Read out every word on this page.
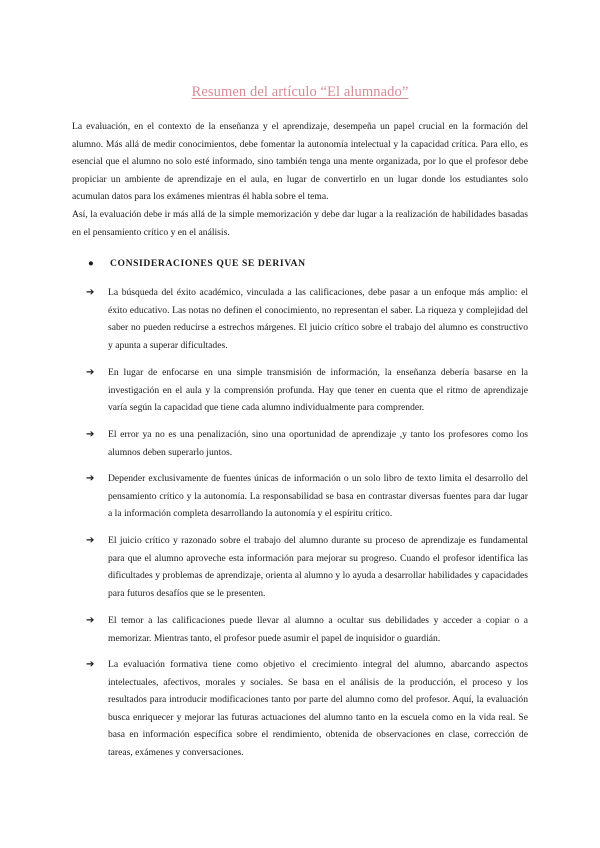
Resumen del artículo “El alumnado”

La evaluación, en el contexto de la enseñanza y el aprendizaje, desempeña un papel crucial en la formación del alumno. Más allá de medir conocimientos, debe fomentar la autonomía intelectual y la capacidad crítica. Para ello, es esencial que el alumno no solo esté informado, sino también tenga una mente organizada, por lo que el profesor debe propiciar un ambiente de aprendizaje en el aula, en lugar de convertirlo en un lugar donde los estudiantes solo acumulan datos para los exámenes mientras él habla sobre el tema.

Así, la evaluación debe ir más allá de la simple memorización y debe dar lugar a la realización de habilidades basadas en el pensamiento crítico y en el análisis.

● CONSIDERACIONES QUE SE DERIVAN
➔	La búsqueda del éxito académico, vinculada a las calificaciones, debe pasar a un enfoque más amplio: el éxito educativo. Las notas no definen el conocimiento, no representan el saber. La riqueza y complejidad del saber no pueden reducirse a estrechos márgenes. El juicio crítico sobre el trabajo del alumno es constructivo y apunta a superar dificultades.
➔	En lugar de enfocarse en una simple transmisión de información, la enseñanza debería basarse en la investigación en el aula y la comprensión profunda. Hay que tener en cuenta que el ritmo de aprendizaje varía según la capacidad que tiene cada alumno individualmente para comprender.
➔	El error ya no es una penalización, sino una oportunidad de aprendizaje ,y tanto los profesores como los alumnos deben superarlo juntos.
➔	Depender exclusivamente de fuentes únicas de información o un solo libro de texto limita el desarrollo del pensamiento crítico y la autonomía. La responsabilidad se basa en contrastar diversas fuentes para dar lugar a la información completa desarrollando la autonomía y el espíritu crítico.
➔	El juicio crítico y razonado sobre el trabajo del alumno durante su proceso de aprendizaje es fundamental para que el alumno aproveche esta información para mejorar su progreso. Cuando el profesor identifica las dificultades y problemas de aprendizaje, orienta al alumno y lo ayuda a desarrollar habilidades y capacidades para futuros desafíos que se le presenten.
➔	El temor a las calificaciones puede llevar al alumno a ocultar sus debilidades y acceder a copiar o a memorizar. Mientras tanto, el profesor puede asumir el papel de inquisidor o guardián.
➔	La evaluación formativa tiene como objetivo el crecimiento integral del alumno, abarcando aspectos intelectuales, afectivos, morales y sociales. Se basa en el análisis de la producción, el proceso y los resultados para introducir modificaciones tanto por parte del alumno como del profesor. Aquí, la evaluación busca enriquecer y mejorar las futuras actuaciones del alumno tanto en la escuela como en la vida real. Se basa en información específica sobre el rendimiento, obtenida de observaciones en clase, corrección de tareas, exámenes y conversaciones.
